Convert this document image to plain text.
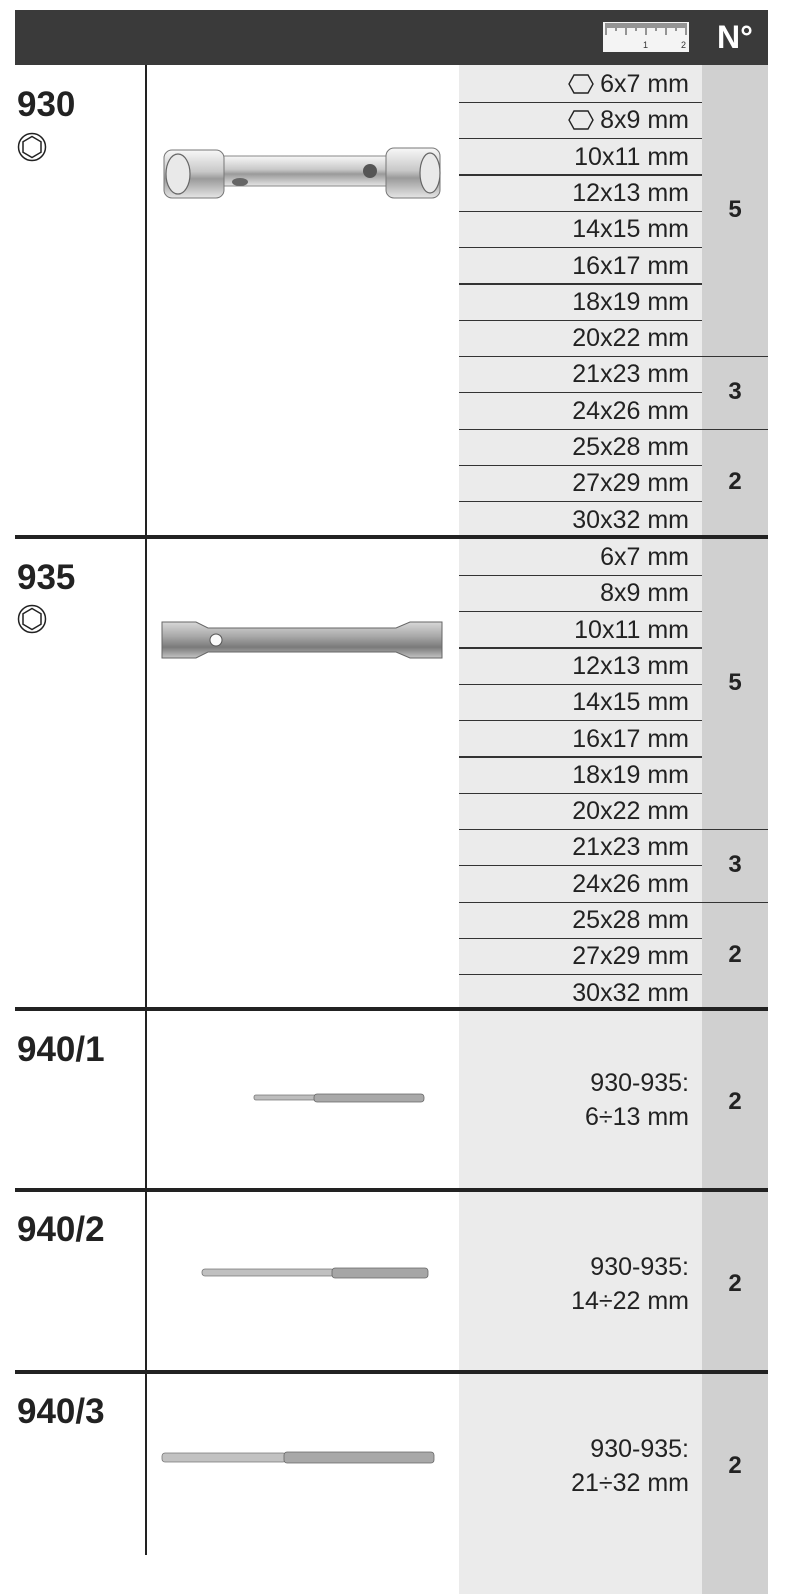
1	2 N°
930
935
940/1
930-935:
6÷13 mm
2
940/2
930-935:
14÷22 mm
2
940/3
930-935:
21÷32 mm
2
6x7 mm
8x9 mm
10x11 mm
12x13 mm
14x15 mm
16x17 mm
18x19 mm
20x22 mm
21x23 mm
24x26 mm
25x28 mm
27x29 mm
30x32 mm
5
3
2
6x7 mm
8x9 mm
10x11 mm
12x13 mm
14x15 mm
16x17 mm
18x19 mm
20x22 mm
21x23 mm
24x26 mm
25x28 mm
27x29 mm
30x32 mm
5
3
2
